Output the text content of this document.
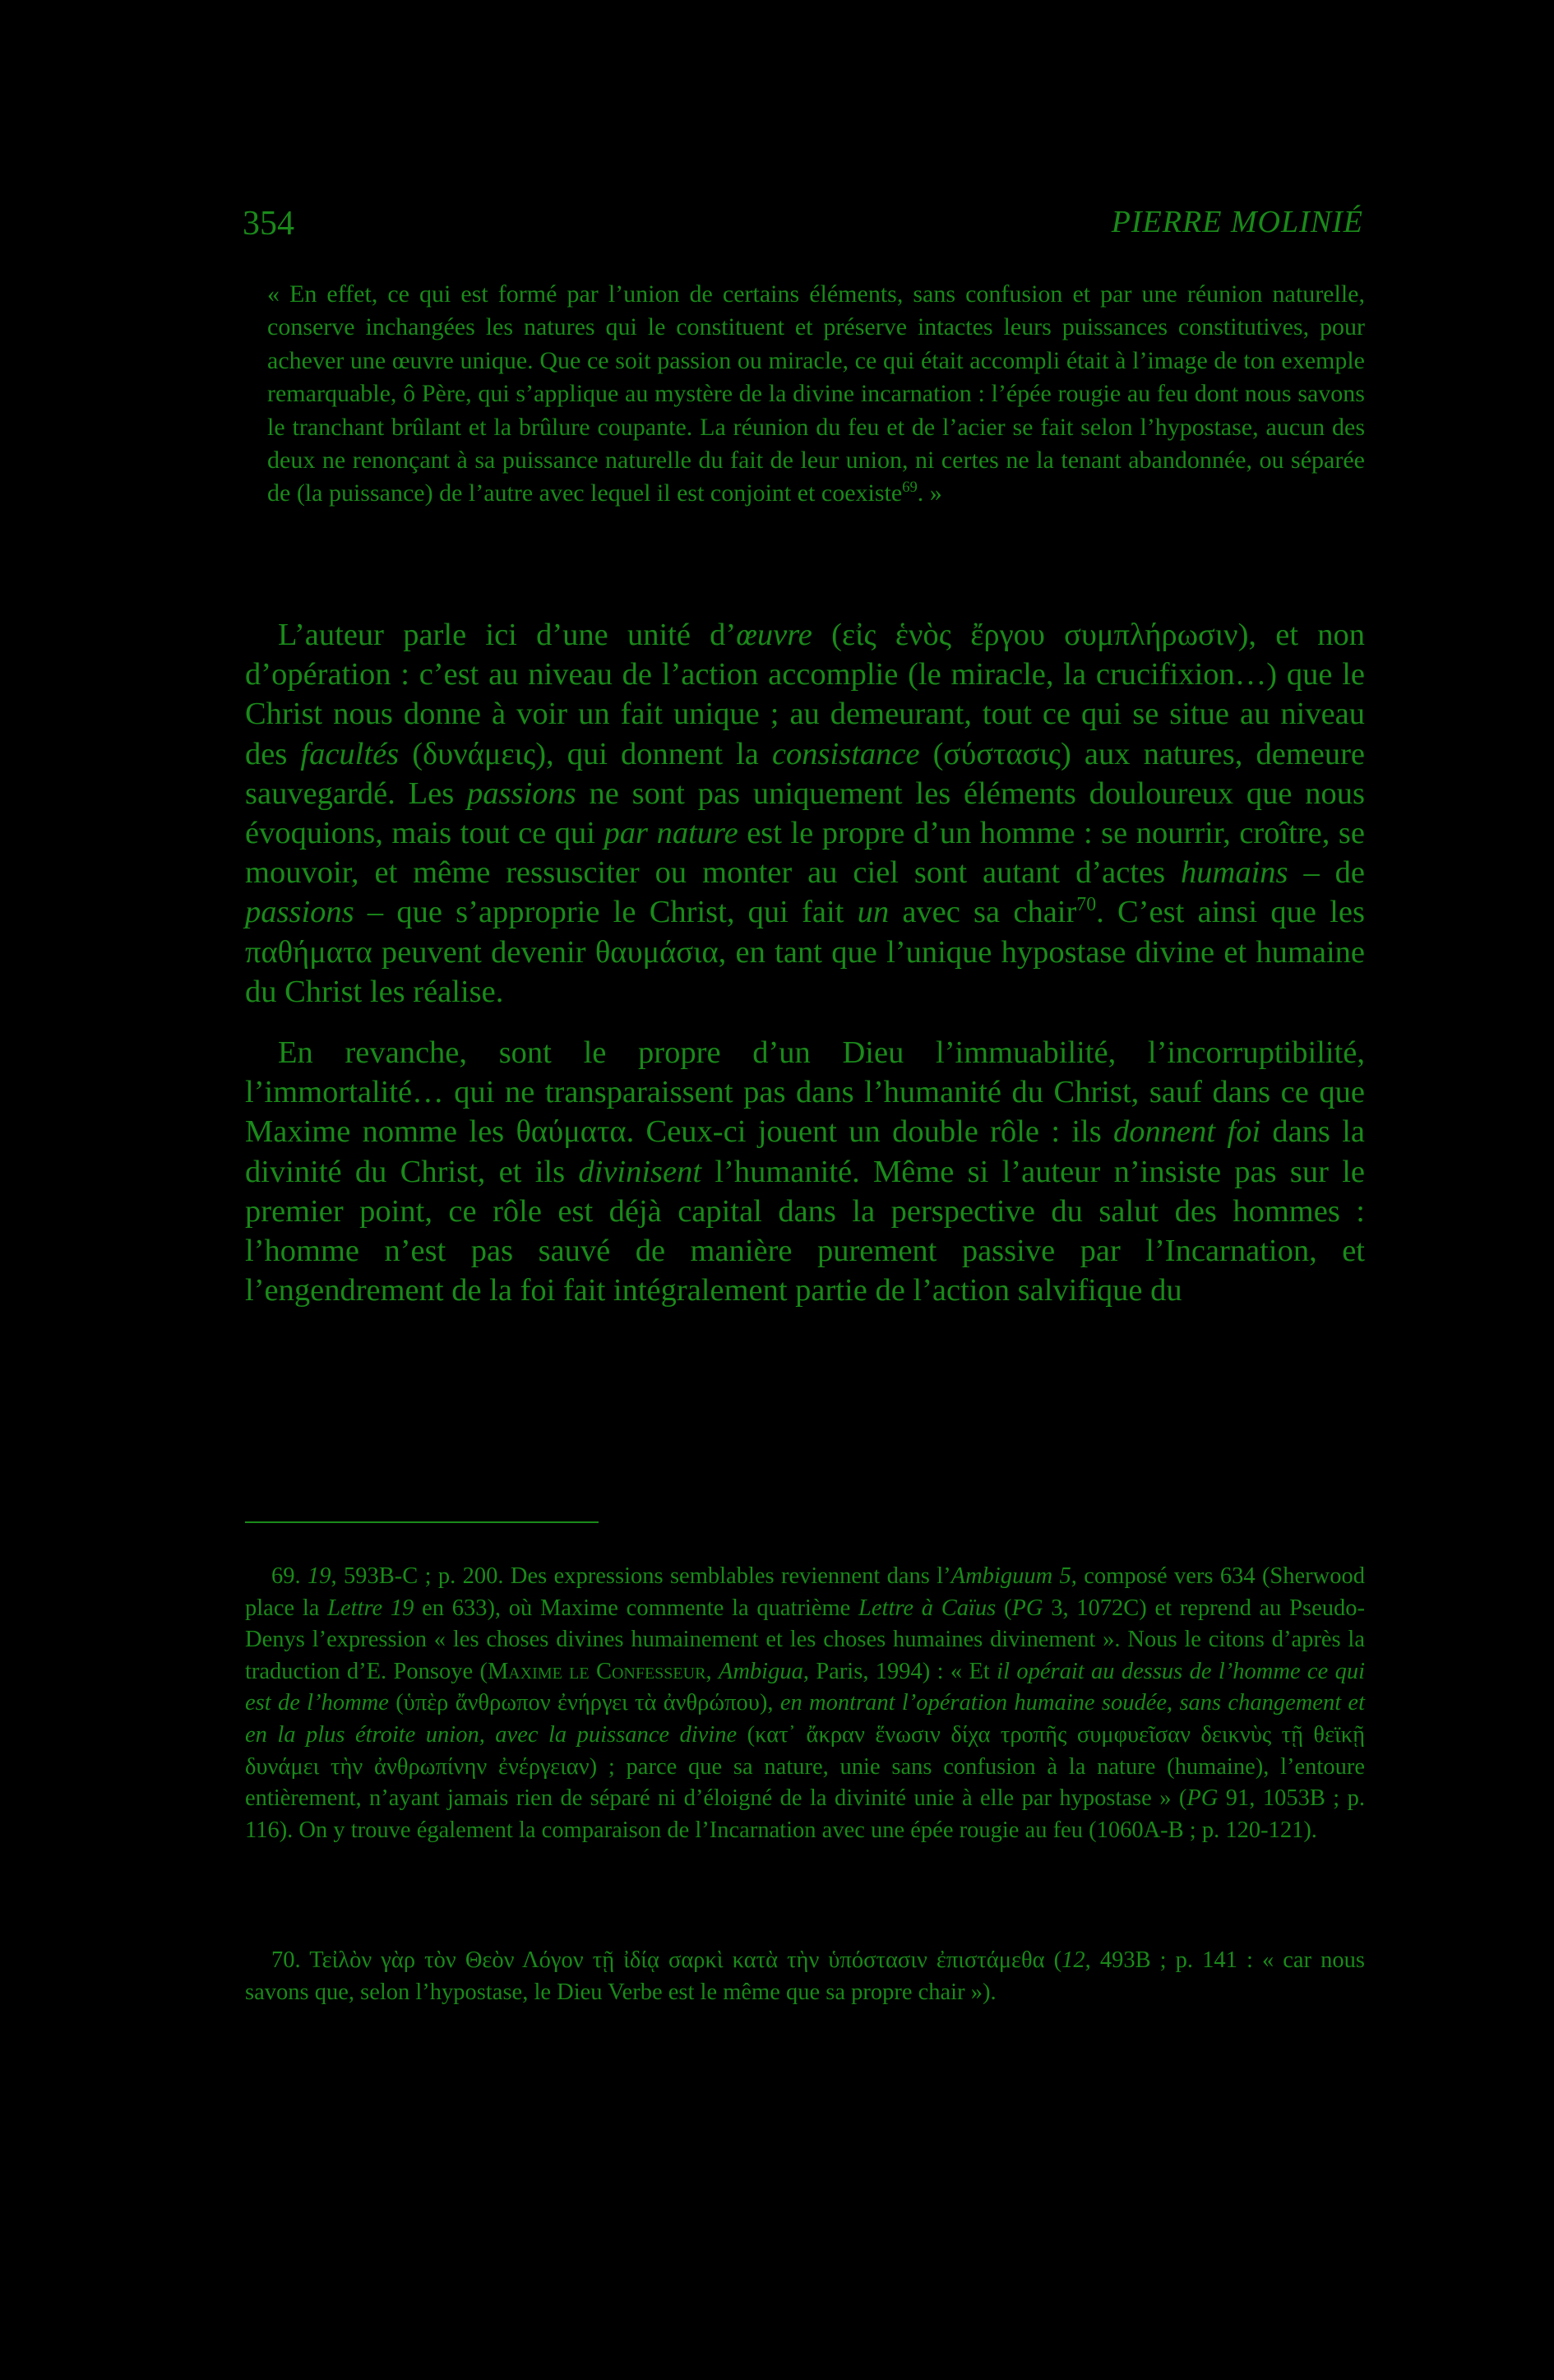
354	PIERRE MOLINIÉ

« En effet, ce qui est formé par l’union de certains éléments, sans confusion et par une réunion naturelle, conserve inchangées les natures qui le constituent et préserve intactes leurs puissances constitutives, pour achever une œuvre unique. Que ce soit passion ou miracle, ce qui était accompli était à l’image de ton exemple remarquable, ô Père, qui s’applique au mystère de la divine incarnation : l’épée rougie au feu dont nous savons le tranchant brûlant et la brûlure coupante. La réunion du feu et de l’acier se fait selon l’hypostase, aucun des deux ne renonçant à sa puissance naturelle du fait de leur union, ni certes ne la tenant abandonnée, ou séparée de (la puissance) de l’autre avec lequel il est conjoint et coexiste$^{69}$. »

L’auteur parle ici d’une unité d’œuvre (εἰς ἑνὸς ἔργου συμπλήρωσιν), et non d’opération : c’est au niveau de l’action accomplie (le miracle, la crucifixion…) que le Christ nous donne à voir un fait unique ; au demeurant, tout ce qui se situe au niveau des facultés (δυνάμεις), qui donnent la consistance (σύστασις) aux natures, demeure sauvegardé. Les passions ne sont pas uniquement les éléments douloureux que nous évoquions, mais tout ce qui par nature est le propre d’un homme : se nourrir, croître, se mouvoir, et même ressusciter ou monter au ciel sont autant d’actes humains – de passions – que s’approprie le Christ, qui fait un avec sa chair$^{70}$. C’est ainsi que les παθήματα peuvent devenir θαυμάσια, en tant que l’unique hypostase divine et humaine du Christ les réalise.

En revanche, sont le propre d’un Dieu l’immuabilité, l’incorruptibilité, l’immortalité… qui ne transparaissent pas dans l’humanité du Christ, sauf dans ce que Maxime nomme les θαύματα. Ceux-ci jouent un double rôle : ils donnent foi dans la divinité du Christ, et ils divinisent l’humanité. Même si l’auteur n’insiste pas sur le premier point, ce rôle est déjà capital dans la perspective du salut des hommes : l’homme n’est pas sauvé de manière purement passive par l’Incarnation, et l’engendrement de la foi fait intégralement partie de l’action salvifique du

69. 19, 593B-C ; p. 200. Des expressions semblables reviennent dans l’Ambiguum 5, composé vers 634 (Sherwood place la Lettre 19 en 633), où Maxime commente la quatrième Lettre à Caïus (PG 3, 1072C) et reprend au Pseudo-Denys l’expression « les choses divines humainement et les choses humaines divinement ». Nous le citons d’après la traduction d’E. Ponsoye (Maxime le Confesseur, Ambigua, Paris, 1994) : « Et il opérait au dessus de l’homme ce qui est de l’homme (ὑπὲρ ἄνθρωπον ἐνήργει τὰ ἀνθρώπου), en montrant l’opération humaine soudée, sans changement et en la plus étroite union, avec la puissance divine (κατ᾽ ἄκραν ἕνωσιν δίχα τροπῆς συμφυεῖσαν δεικνὺς τῇ θεϊκῇ δυνάμει τὴν ἀνθρωπίνην ἐνέργειαν) ; parce que sa nature, unie sans confusion à la nature (humaine), l’entoure entièrement, n’ayant jamais rien de séparé ni d’éloigné de la divinité unie à elle par hypostase » (PG 91, 1053B ; p. 116). On y trouve également la comparaison de l’Incarnation avec une épée rougie au feu (1060A-B ; p. 120-121).

70. Τεἰλὸν γὰρ τὸν Θεὸν Λόγον τῇ ἰδίᾳ σαρκὶ κατὰ τὴν ὑπόστασιν ἐπιστάμεθα (12, 493B ; p. 141 : « car nous savons que, selon l’hypostase, le Dieu Verbe est le même que sa propre chair »).
